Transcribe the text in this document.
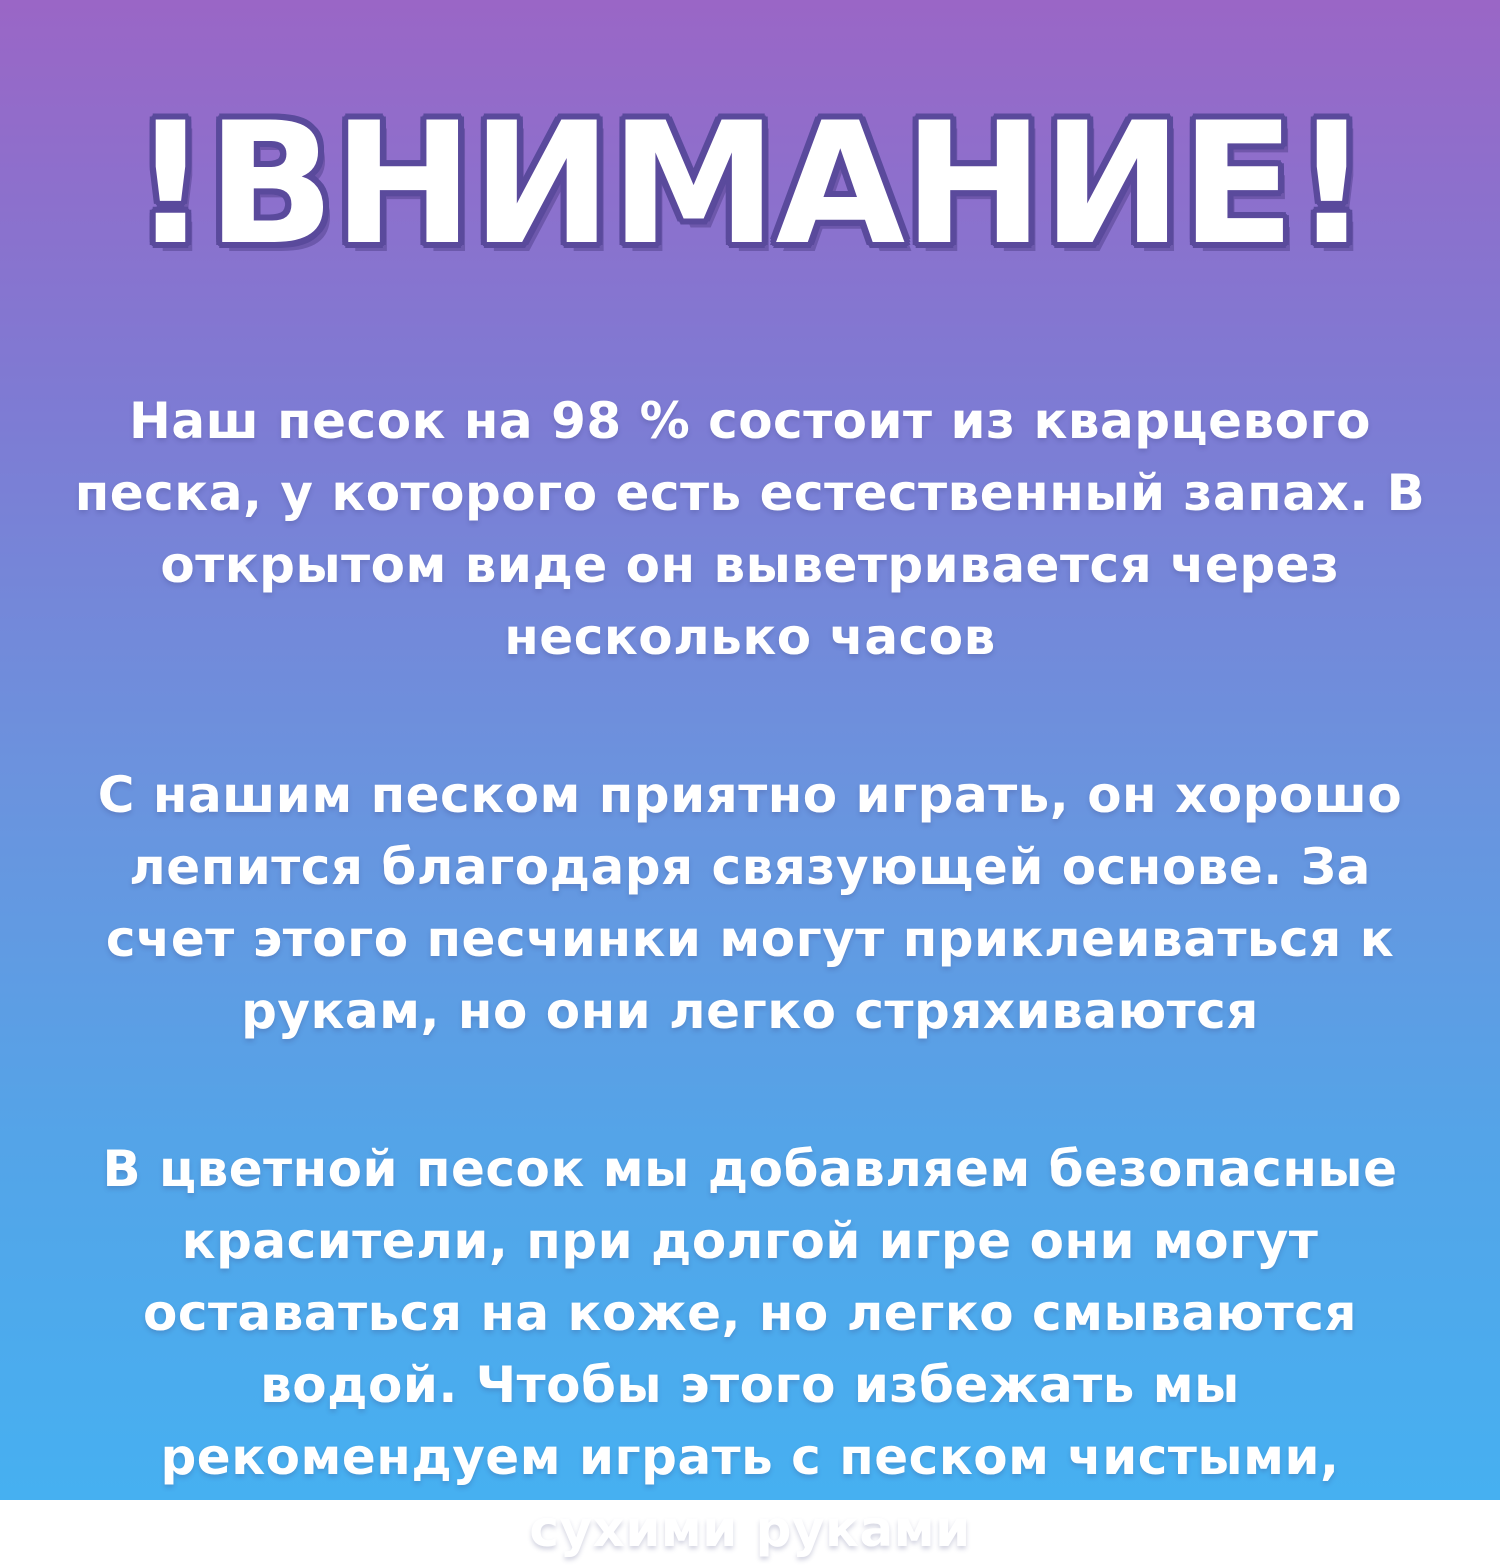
!ВНИМАНИЕ!

Наш песок на 98 % состоит из кварцевого песка, у которого есть естественный запах. В открытом виде он выветривается через несколько часов

С нашим песком приятно играть, он хорошо лепится благодаря связующей основе. За счет этого песчинки могут приклеиваться к рукам, но они легко стряхиваются

В цветной песок мы добавляем безопасные красители, при долгой игре они могут оставаться на коже, но легко смываются водой. Чтобы этого избежать мы рекомендуем играть с песком чистыми, сухими руками
